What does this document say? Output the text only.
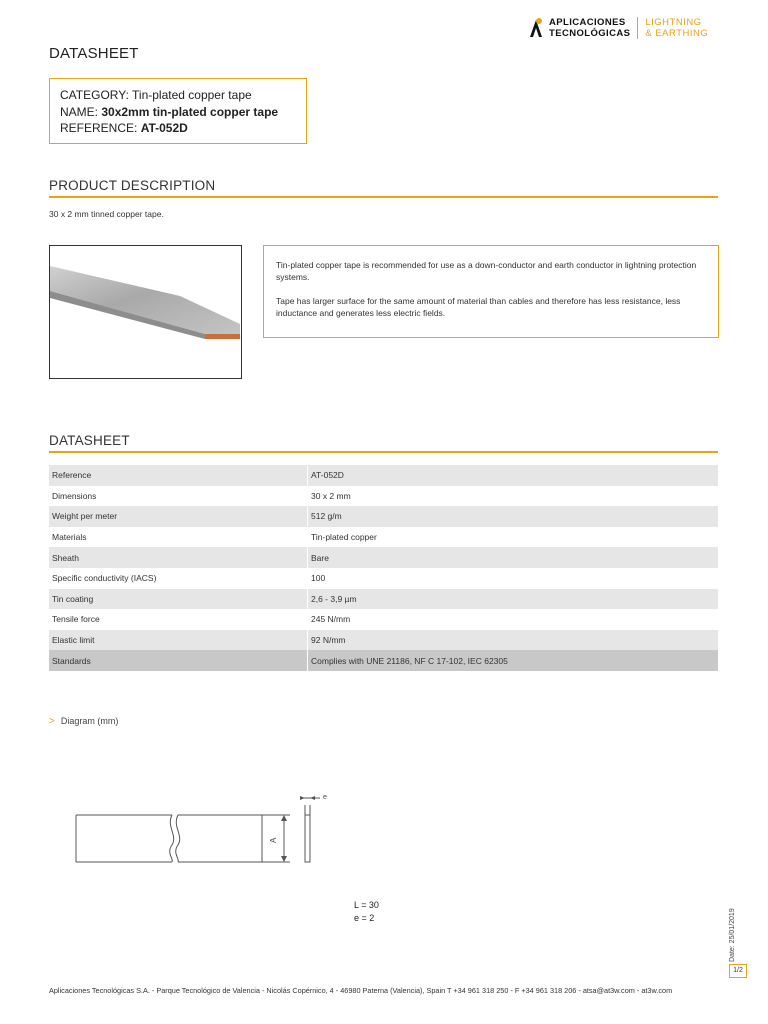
APLICACIONES
TECNOLÓGICAS
LIGHTNING
& EARTHING
DATASHEET
CATEGORY: Tin-plated copper tape
NAME: 30x2mm tin-plated copper tape
REFERENCE: AT-052D
PRODUCT DESCRIPTION
30 x 2 mm tinned copper tape.

Tin-plated copper tape is recommended for use as a down-conductor and earth conductor in lightning protection systems.

Tape has larger surface for the same amount of material than cables and therefore has less resistance, less inductance and generates less electric fields.

DATASHEET
Reference	AT-052D
Dimensions	30 x 2 mm
Weight per meter	512 g/m
Materials	Tin-plated copper
Sheath	Bare
Specific conductivity (IACS)	100
Tin coating	2,6 - 3,9 µm
Tensile force	245 N/mm
Elastic limit	92 N/mm
Standards	Complies with UNE 21186, NF C 17-102, IEC 62305
> Diagram (mm)
A
e
L = 30
e = 2	Date: 25/01/2019
1/2
Aplicaciones Tecnológicas S.A. - Parque Tecnológico de Valencia - Nicolás Copérnico, 4 - 46980 Paterna (Valencia), Spain T +34 961 318 250 - F +34 961 318 206 - atsa@at3w.com - at3w.com
